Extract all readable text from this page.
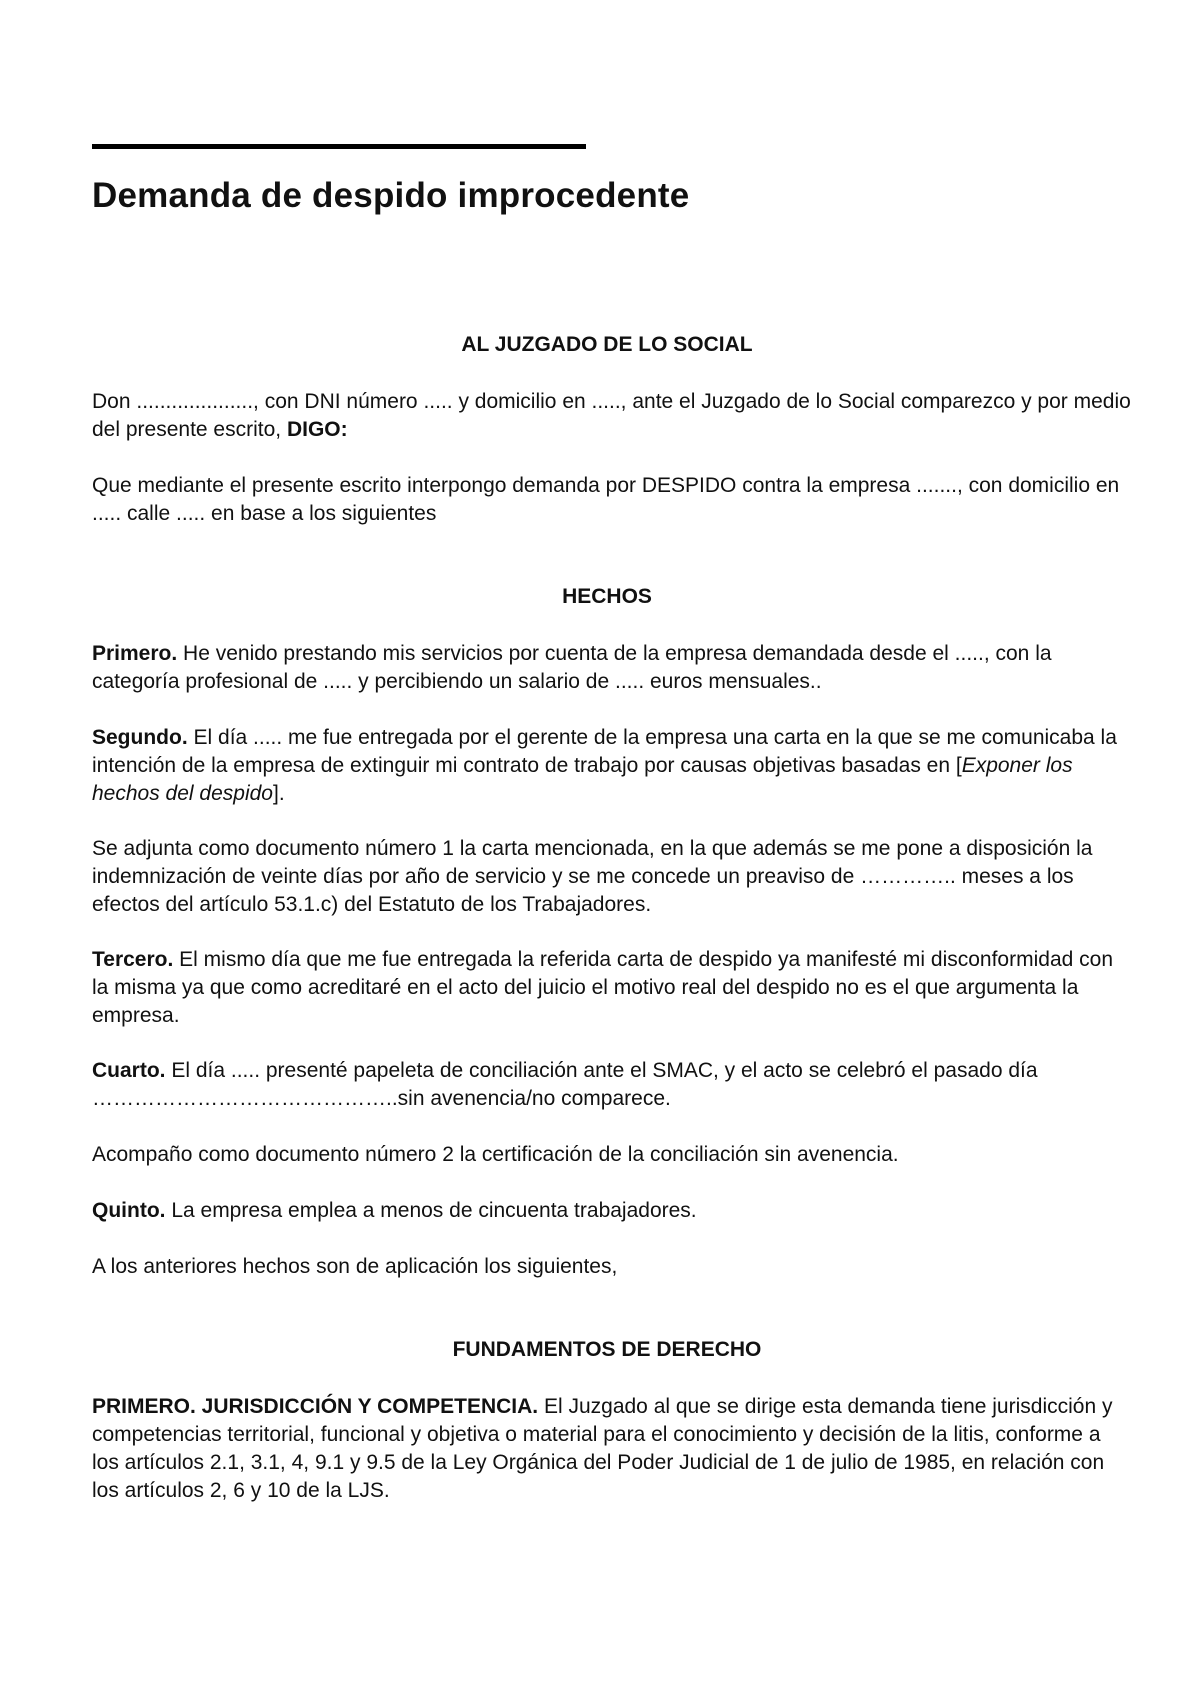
Demanda de despido improcedente
AL JUZGADO DE LO SOCIAL

Don ...................., con DNI número ..... y domicilio en ....., ante el Juzgado de lo Social comparezco y por medio del presente escrito, DIGO:

Que mediante el presente escrito interpongo demanda por DESPIDO contra la empresa ......., con domicilio en ..... calle ..... en base a los siguientes

HECHOS

Primero. He venido prestando mis servicios por cuenta de la empresa demandada desde el ....., con la categoría profesional de ..... y percibiendo un salario de ..... euros mensuales..

Segundo. El día ..... me fue entregada por el gerente de la empresa una carta en la que se me comunicaba la intención de la empresa de extinguir mi contrato de trabajo por causas objetivas basadas en [Exponer los hechos del despido].

Se adjunta como documento número 1 la carta mencionada, en la que además se me pone a disposición la indemnización de veinte días por año de servicio y se me concede un preaviso de ………….. meses a los efectos del artículo 53.1.c) del Estatuto de los Trabajadores.

Tercero. El mismo día que me fue entregada la referida carta de despido ya manifesté mi disconformidad con la misma ya que como acreditaré en el acto del juicio el motivo real del despido no es el que argumenta la empresa.

Cuarto. El día ..... presenté papeleta de conciliación ante el SMAC, y el acto se celebró el pasado día ……………………………………..sin avenencia/no comparece.

Acompaño como documento número 2 la certificación de la conciliación sin avenencia.

Quinto. La empresa emplea a menos de cincuenta trabajadores.

A los anteriores hechos son de aplicación los siguientes,

FUNDAMENTOS DE DERECHO

PRIMERO. JURISDICCIÓN Y COMPETENCIA. El Juzgado al que se dirige esta demanda tiene jurisdicción y competencias territorial, funcional y objetiva o material para el conocimiento y decisión de la litis, conforme a los artículos 2.1, 3.1, 4, 9.1 y 9.5 de la Ley Orgánica del Poder Judicial de 1 de julio de 1985, en relación con los artículos 2, 6 y 10 de la LJS.
